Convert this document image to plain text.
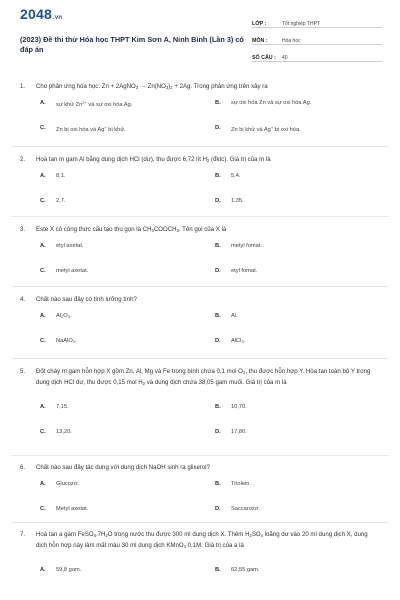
2048.vn
(2023) Đề thi thử Hóa học THPT Kim Sơn A, Ninh Bình (Lần 3) có đáp án
LỚP :	Tốt nghiệp THPT
MÔN :	Hóa học
SỐ CÂU :	40
1.	Cho phản ứng hóa học: Zn + 2AgNO$_3$ → $Zn(NO_3)_2 + 2Ag$. Trong phản ứng trên xảy ra
A.	sự khử $Zn^{2+}$ và sự oxi hóa Ag.	B.	sự oxi hóa Zn và sự oxi hóa Ag.
C.	Zn bị oxi hóa và Ag+ bị khử.	D.	Zn bị khử và Ag+ bị oxi hóa.
2.	Hoà tan m gam Al bằng dung dịch HCl (dư), thu được 6,72 lít $H_2$ (đktc). Giá trị của m là
A.	8,1.	B.	5,4.
C.	2,7.	D.	1,35.
3.	Este X có công thức cấu tạo thu gọn là $CH_3COOCH_3$. Tên gọi của X là
A.	etyl axetat.	B.	metyl fomat.
C.	metyl axetat.	D.	etyl fomat.
4.	Chất nào sau đây có tính lưỡng tính?
A.	$Al_2O_3$.	B.	Al.
C.	NaAlO$_2$.	D.	AlCl$_3$.
5.	Đốt cháy m gam hỗn hợp X gồm Zn, Al, Mg và Fe trong bình chứa 0,1 mol $O_2$, thu được hỗn hợp Y. Hòa tan toàn bộ Y trong dung dịch HCl dư, thu được 0,15 mol $H_2$ và dung dịch chứa 38,05 gam muối. Giá trị của m là
A.	7,15.	B.	10,70.
C.	13,20.	D.	17,80.
6.	Chất nào sau đây tác dụng với dung dịch NaOH sinh ra glixerol?
A.	Glucozơ.	B.	Triolein.
C.	Metyl axetat.	D.	Saccarozơ.
7.	Hoà tan a gam $FeSO_4.7H_2O$ trong nước thu được 300 ml dung dịch X. Thêm $H_2SO_4$ loãng dư vào 20 ml dung dịch X, dung dịch hỗn hợp này làm mất màu 30 ml dung dịch KMnO$_4$ 0,1M. Giá trị của a là
A.	59,8 gam.	B.	62,55 gam.
